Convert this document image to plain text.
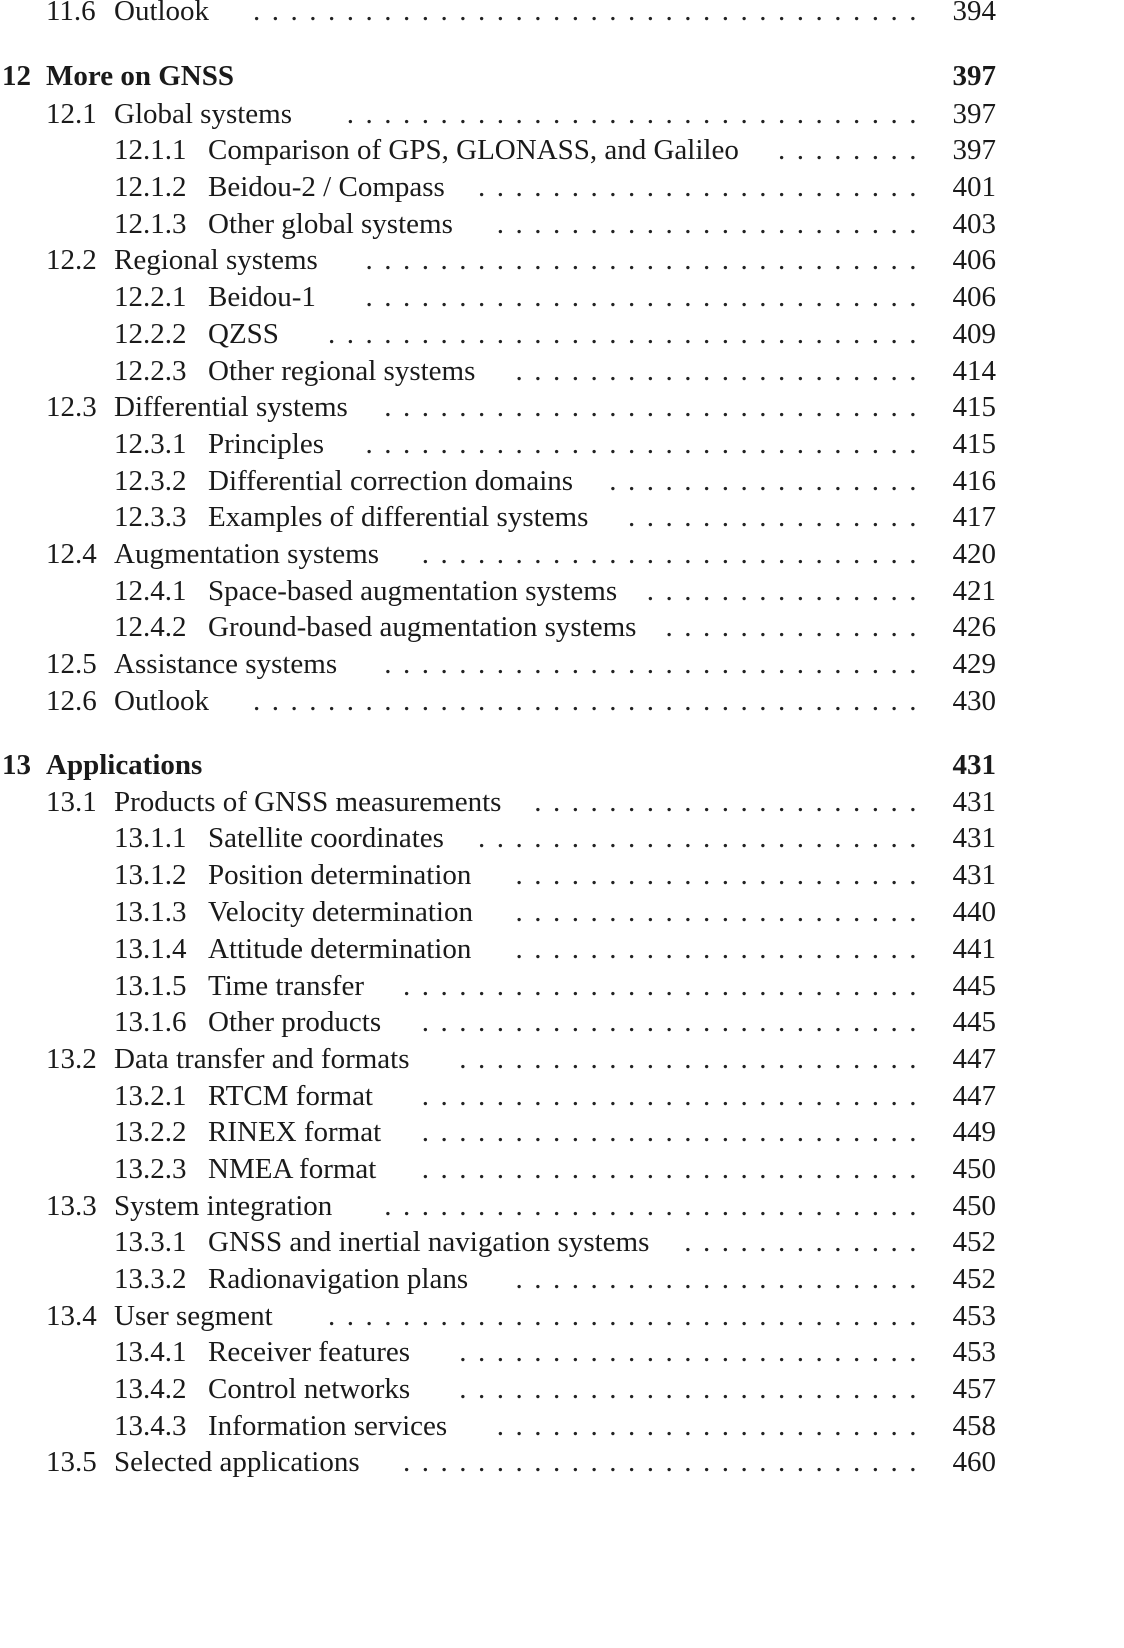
11.6 Outlook	.................................... 394
12 More on GNSS	397
12.1 Global systems	............................... 397
12.1.1 Comparison of GPS, GLONASS, and Galileo	........ 397
12.1.2 Beidou-2 / Compass	........................ 401
12.1.3 Other global systems	....................... 403
12.2 Regional systems	.............................. 406
12.2.1 Beidou-1	.............................. 406
12.2.2 QZSS	................................ 409
12.2.3 Other regional systems	...................... 414
12.3 Differential systems	............................. 415
12.3.1 Principles	.............................. 415
12.3.2 Differential correction domains	................. 416
12.3.3 Examples of differential systems	................ 417
12.4 Augmentation systems	........................... 420
12.4.1 Space-based augmentation systems	............... 421
12.4.2 Ground-based augmentation systems	.............. 426
12.5 Assistance systems	............................. 429
12.6 Outlook	.................................... 430
13 Applications	431
13.1 Products of GNSS measurements	..................... 431
13.1.1 Satellite coordinates	........................ 431
13.1.2 Position determination	...................... 431
13.1.3 Velocity determination	...................... 440
13.1.4 Attitude determination	...................... 441
13.1.5 Time transfer	............................ 445
13.1.6 Other products	........................... 445
13.2 Data transfer and formats	......................... 447
13.2.1 RTCM format	........................... 447
13.2.2 RINEX format	........................... 449
13.2.3 NMEA format	........................... 450
13.3 System integration	............................. 450
13.3.1 GNSS and inertial navigation systems	............. 452
13.3.2 Radionavigation plans	...................... 452
13.4 User segment	................................ 453
13.4.1 Receiver features	......................... 453
13.4.2 Control networks	......................... 457
13.4.3 Information services	....................... 458
13.5 Selected applications	............................ 460
